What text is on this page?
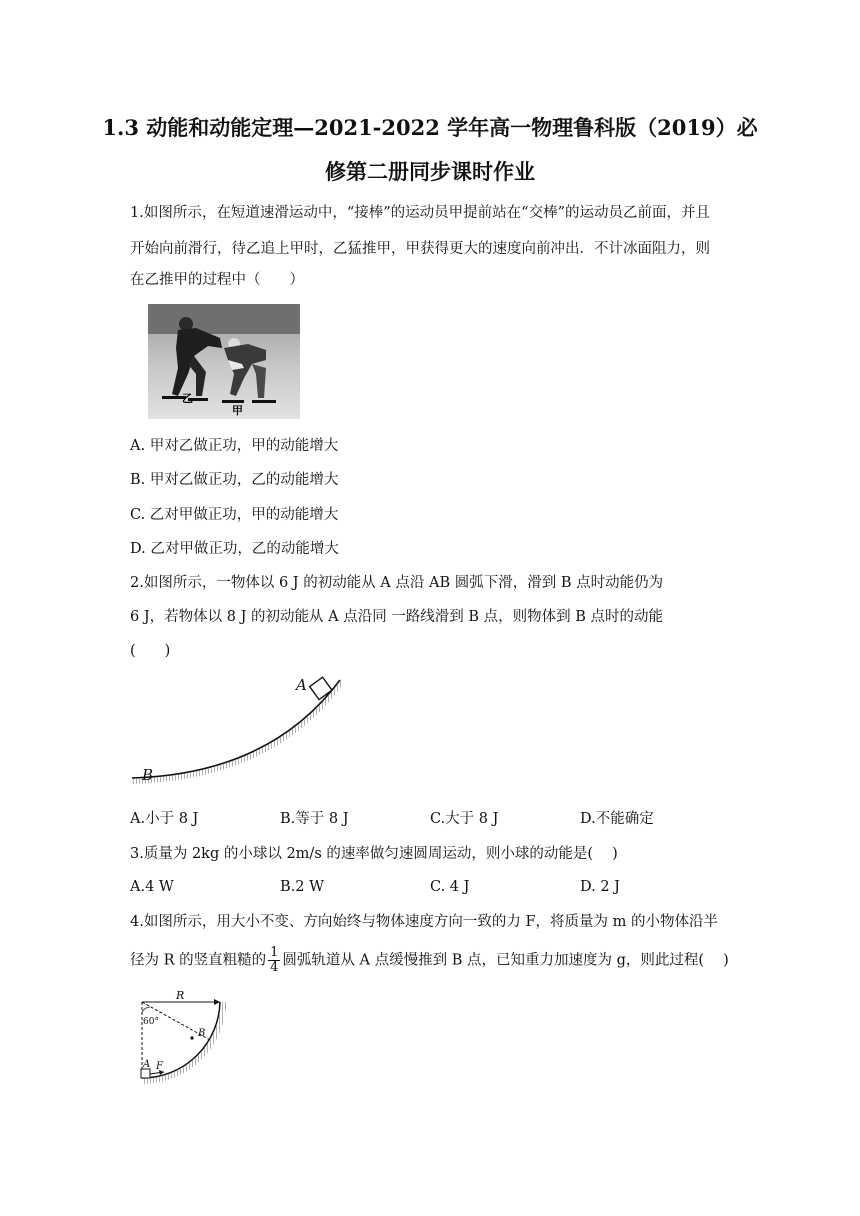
1.3 动能和动能定理—2021-2022 学年高一物理鲁科版（2019）必
修第二册同步课时作业
1.如图所示，在短道速滑运动中，“接棒”的运动员甲提前站在“交棒”的运动员乙前面，并且
开始向前滑行，待乙追上甲时，乙猛推甲，甲获得更大的速度向前冲出．不计冰面阻力，则
在乙推甲的过程中（　　）
乙
甲
A. 甲对乙做正功，甲的动能增大
B. 甲对乙做正功，乙的动能增大
C. 乙对甲做正功，甲的动能增大
D. 乙对甲做正功，乙的动能增大
2.如图所示，一物体以 6 J 的初动能从 A 点沿 AB 圆弧下滑，滑到 B 点时动能仍为
6 J，若物体以 8 J 的初动能从 A 点沿同 一路线滑到 B 点，则物体到 B 点时的动能
(　　)
A
B
A.小于 8 J	B.等于 8 J	C.大于 8 J	D.不能确定
3.质量为 2kg 的小球以 2m/s 的速率做匀速圆周运动，则小球的动能是(　 )
A.4 W	B.2 W	C. 4 J	D. 2 J
4.如图所示，用大小不变、方向始终与物体速度方向一致的力 F，将质量为 m 的小物体沿半
径为 R 的竖直粗糙的 $\frac{1}{4}$ 圆弧轨道从 A 点缓慢推到 B 点，已知重力加速度为 g，则此过程(　 )
R
60°
B
A F
